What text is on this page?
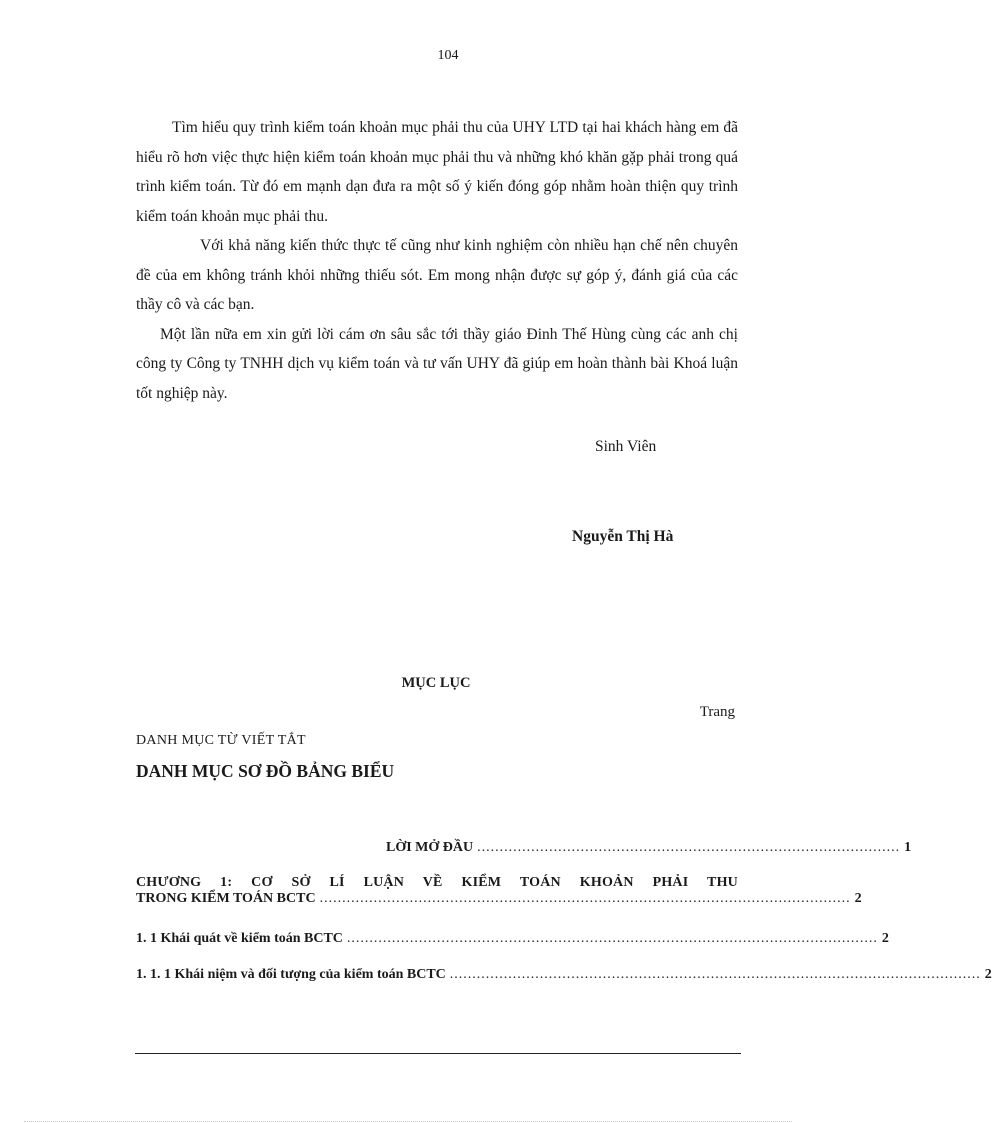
104

Tìm hiểu quy trình kiểm toán khoản mục phải thu của UHY LTD tại hai khách hàng em đã hiểu rõ hơn việc thực hiện kiểm toán khoản mục phải thu và những khó khăn gặp phải trong quá trình kiểm toán. Từ đó em mạnh dạn đưa ra một số ý kiến đóng góp nhằm hoàn thiện quy trình kiểm toán khoản mục phải thu.

Với khả năng kiến thức thực tế cũng như kinh nghiệm còn nhiều hạn chế nên chuyên đề của em không tránh khỏi những thiếu sót. Em mong nhận được sự góp ý, đánh giá của các thầy cô và các bạn.

Một lần nữa em xin gửi lời cám ơn sâu sắc tới thầy giáo Đinh Thế Hùng cùng các anh chị công ty Công ty TNHH dịch vụ kiểm toán và tư vấn UHY đã giúp em hoàn thành bài Khoá luận tốt nghiệp này.

Sinh Viên
Nguyễn Thị Hà
MỤC LỤC
Trang
DANH MỤC TỪ VIẾT TẮT
DANH MỤC SƠ ĐỒ BẢNG BIỂU
LỜI MỞ ĐẦU .............................................................................................. 1
CHƯƠNG 1: CƠ SỞ LÍ LUẬN VỀ KIỂM TOÁN KHOẢN PHẢI THU
TRONG KIỂM TOÁN BCTC ...................................................................................................................... 2
1. 1 Khái quát về kiểm toán BCTC ...................................................................................................................... 2
1. 1. 1 Khái niệm và đối tượng của kiểm toán BCTC ...................................................................................................................... 2
